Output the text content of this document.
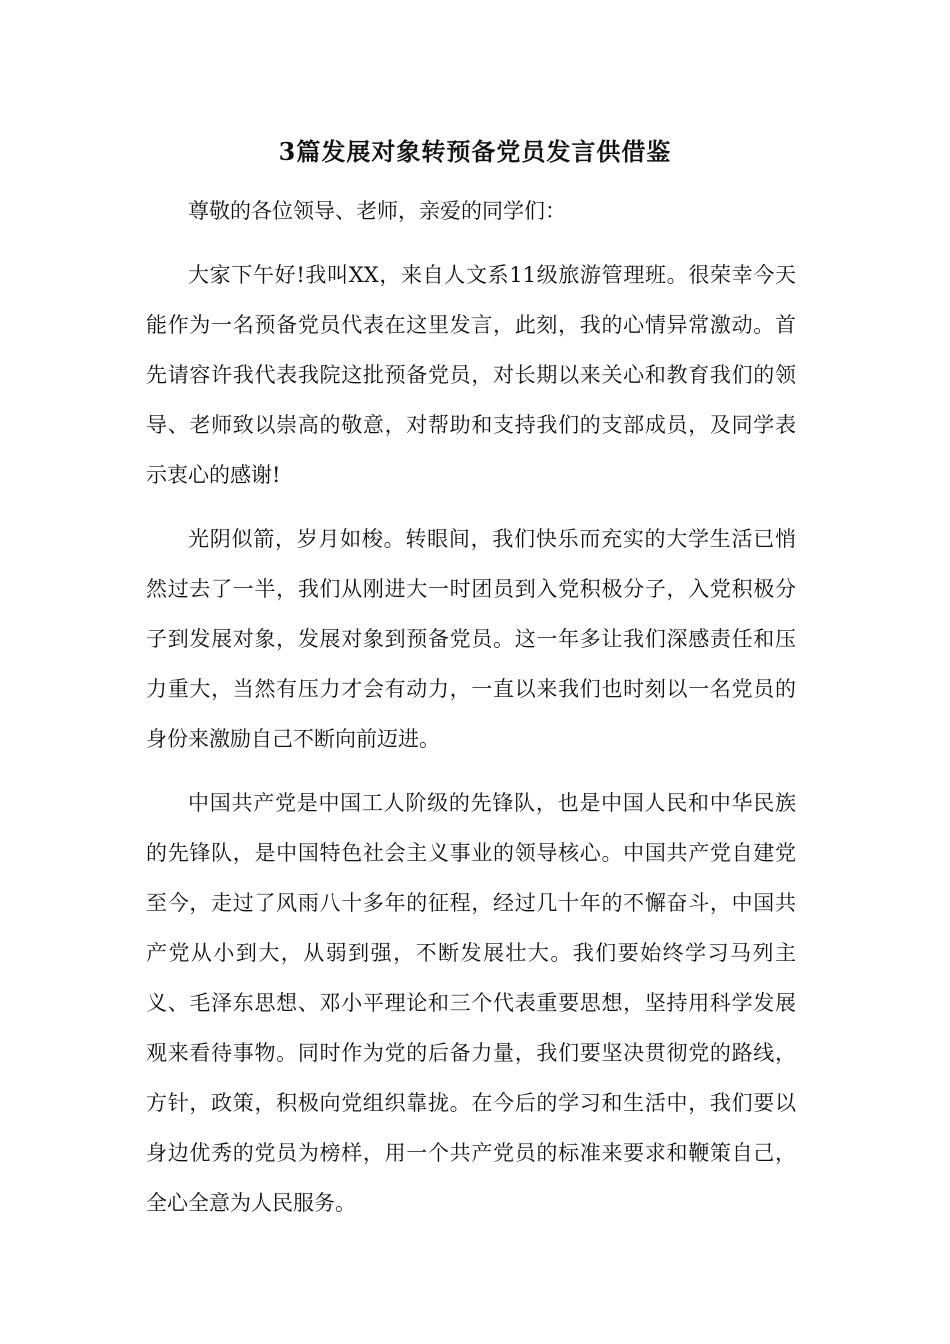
3篇发展对象转预备党员发言供借鉴

尊敬的各位领导、老师，亲爱的同学们：

大家下午好!我叫XX，来自人文系11级旅游管理班。很荣幸今天能作为一名预备党员代表在这里发言，此刻，我的心情异常激动。首先请容许我代表我院这批预备党员，对长期以来关心和教育我们的领导、老师致以崇高的敬意，对帮助和支持我们的支部成员，及同学表示衷心的感谢!

光阴似箭，岁月如梭。转眼间，我们快乐而充实的大学生活已悄然过去了一半，我们从刚进大一时团员到入党积极分子，入党积极分子到发展对象，发展对象到预备党员。这一年多让我们深感责任和压力重大，当然有压力才会有动力，一直以来我们也时刻以一名党员的身份来激励自己不断向前迈进。

中国共产党是中国工人阶级的先锋队，也是中国人民和中华民族的先锋队，是中国特色社会主义事业的领导核心。中国共产党自建党至今，走过了风雨八十多年的征程，经过几十年的不懈奋斗，中国共产党从小到大，从弱到强，不断发展壮大。我们要始终学习马列主义、毛泽东思想、邓小平理论和三个代表重要思想，坚持用科学发展观来看待事物。同时作为党的后备力量，我们要坚决贯彻党的路线，方针，政策，积极向党组织靠拢。在今后的学习和生活中，我们要以身边优秀的党员为榜样，用一个共产党员的标准来要求和鞭策自己，全心全意为人民服务。
